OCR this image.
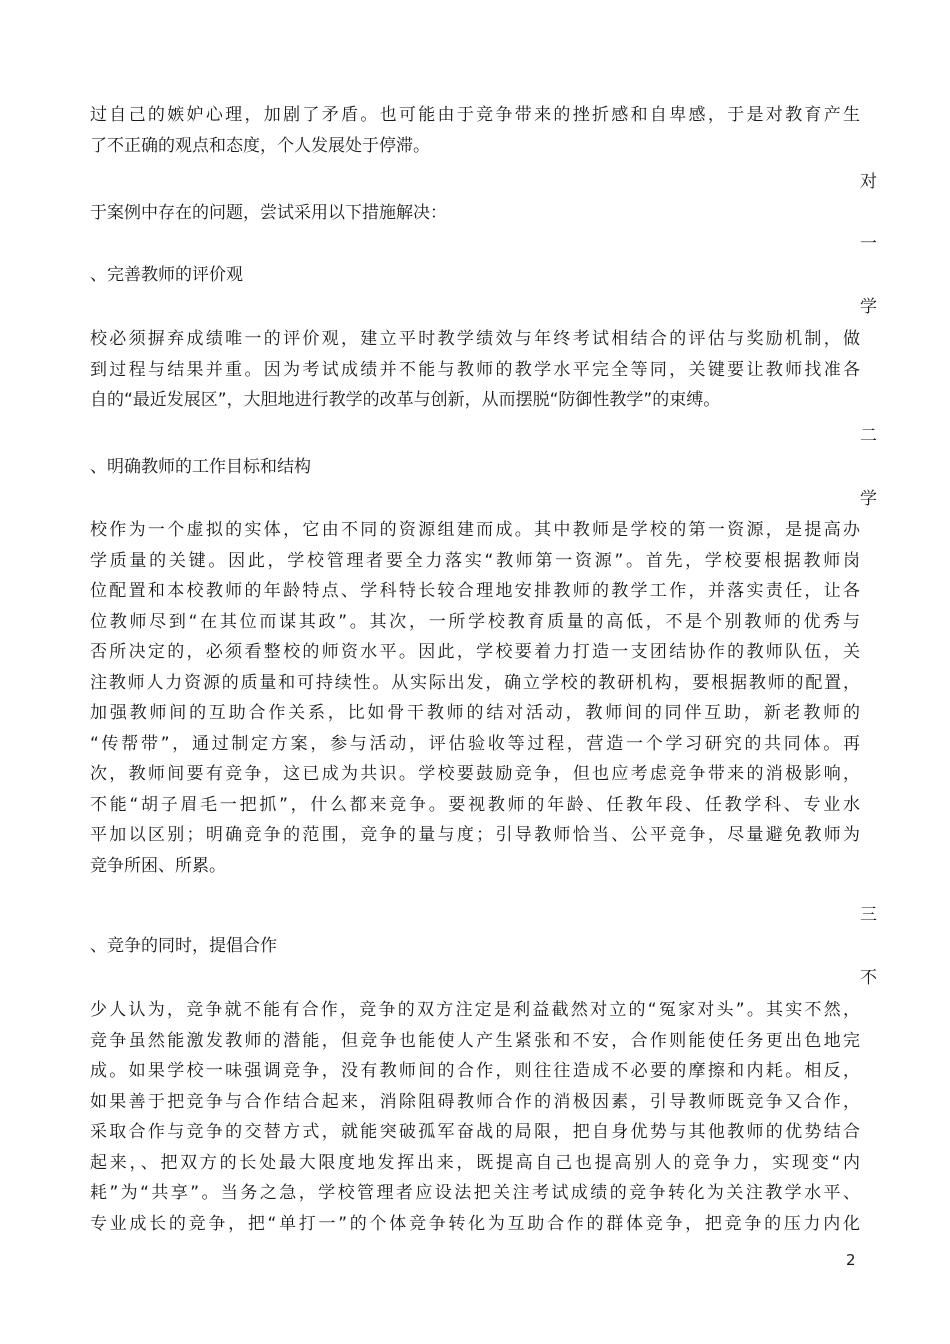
过自己的嫉妒心理，加剧了矛盾。也可能由于竞争带来的挫折感和自卑感，于是对教育产生
了不正确的观点和态度，个人发展处于停滞。
对
于案例中存在的问题，尝试采用以下措施解决：
一
、完善教师的评价观
学
校必须摒弃成绩唯一的评价观，建立平时教学绩效与年终考试相结合的评估与奖励机制，做
到过程与结果并重。因为考试成绩并不能与教师的教学水平完全等同，关键要让教师找准各
自的“最近发展区”，大胆地进行教学的改革与创新，从而摆脱“防御性教学”的束缚。
二
、明确教师的工作目标和结构
学
校作为一个虚拟的实体，它由不同的资源组建而成。其中教师是学校的第一资源，是提高办
学质量的关键。因此，学校管理者要全力落实“教师第一资源”。首先，学校要根据教师岗
位配置和本校教师的年龄特点、学科特长较合理地安排教师的教学工作，并落实责任，让各
位教师尽到“在其位而谋其政”。其次，一所学校教育质量的高低，不是个别教师的优秀与
否所决定的，必须看整校的师资水平。因此，学校要着力打造一支团结协作的教师队伍，关
注教师人力资源的质量和可持续性。从实际出发，确立学校的教研机构，要根据教师的配置，
加强教师间的互助合作关系，比如骨干教师的结对活动，教师间的同伴互助，新老教师的
“传帮带”，通过制定方案，参与活动，评估验收等过程，营造一个学习研究的共同体。再
次，教师间要有竞争，这已成为共识。学校要鼓励竞争，但也应考虑竞争带来的消极影响，
不能“胡子眉毛一把抓”，什么都来竞争。要视教师的年龄、任教年段、任教学科、专业水
平加以区别；明确竞争的范围，竞争的量与度；引导教师恰当、公平竞争，尽量避免教师为
竞争所困、所累。
三
、竞争的同时，提倡合作
不
少人认为，竞争就不能有合作，竞争的双方注定是利益截然对立的“冤家对头”。其实不然，
竞争虽然能激发教师的潜能，但竞争也能使人产生紧张和不安，合作则能使任务更出色地完
成。如果学校一味强调竞争，没有教师间的合作，则往往造成不必要的摩擦和内耗。相反，
如果善于把竞争与合作结合起来，消除阻碍教师合作的消极因素，引导教师既竞争又合作，
采取合作与竞争的交替方式，就能突破孤军奋战的局限，把自身优势与其他教师的优势结合
起来，、把双方的长处最大限度地发挥出来，既提高自己也提高别人的竞争力，实现变“内
耗”为“共享”。当务之急，学校管理者应设法把关注考试成绩的竞争转化为关注教学水平、
专业成长的竞争，把“单打一”的个体竞争转化为互助合作的群体竞争，把竞争的压力内化
2
